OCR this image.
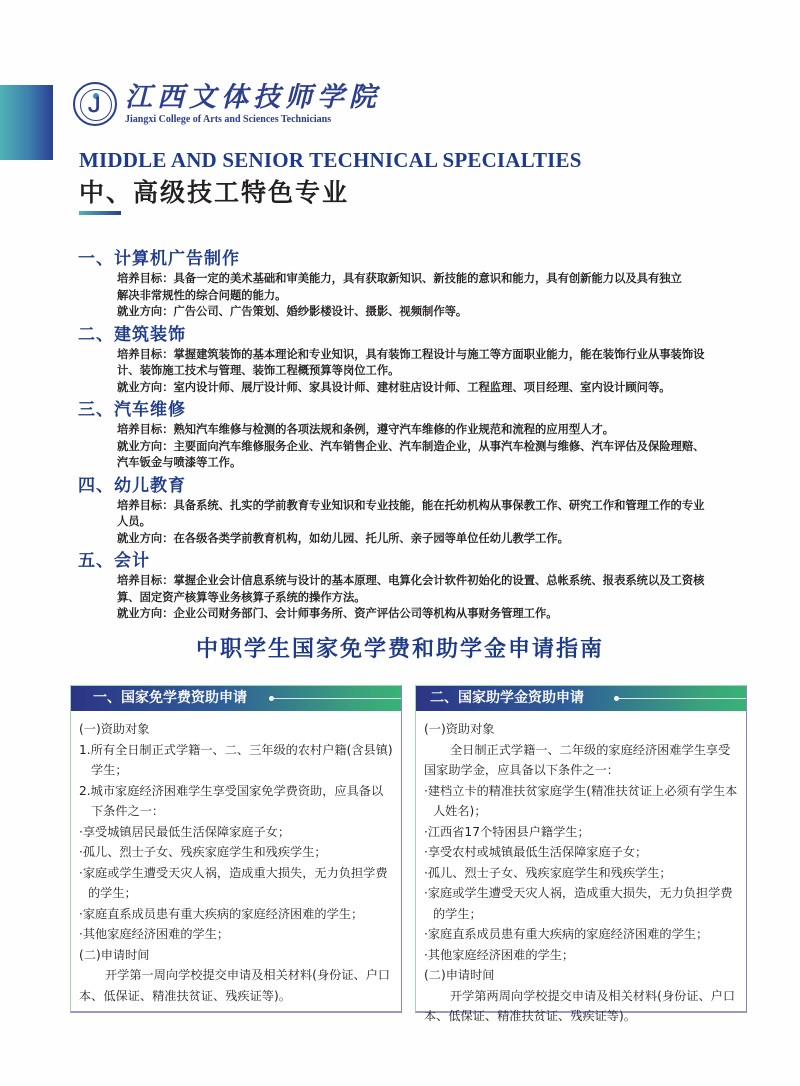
ᒍ 江西文体技师学院
Jiangxi College of Arts and Sciences Technicians
MIDDLE AND SENIOR TECHNICAL SPECIALTIES
中、高级技工特色专业
一、计算机广告制作
培养目标：具备一定的美术基础和审美能力，具有获取新知识、新技能的意识和能力，具有创新能力以及具有独立
解决非常规性的综合问题的能力。
就业方向：广告公司、广告策划、婚纱影楼设计、摄影、视频制作等。
二、建筑装饰
培养目标：掌握建筑装饰的基本理论和专业知识，具有装饰工程设计与施工等方面职业能力，能在装饰行业从事装饰设
计、装饰施工技术与管理、装饰工程概预算等岗位工作。
就业方向：室内设计师、展厅设计师、家具设计师、建材驻店设计师、工程监理、项目经理、室内设计顾问等。
三、汽车维修
培养目标：熟知汽车维修与检测的各项法规和条例，遵守汽车维修的作业规范和流程的应用型人才。
就业方向：主要面向汽车维修服务企业、汽车销售企业、汽车制造企业，从事汽车检测与维修、汽车评估及保险理赔、
汽车钣金与喷漆等工作。
四、幼儿教育
培养目标：具备系统、扎实的学前教育专业知识和专业技能，能在托幼机构从事保教工作、研究工作和管理工作的专业
人员。
就业方向：在各级各类学前教育机构，如幼儿园、托儿所、亲子园等单位任幼儿教学工作。
五、会计
培养目标：掌握企业会计信息系统与设计的基本原理、电算化会计软件初始化的设置、总帐系统、报表系统以及工资核
算、固定资产核算等业务核算子系统的操作方法。
就业方向：企业公司财务部门、会计师事务所、资产评估公司等机构从事财务管理工作。
中职学生国家免学费和助学金申请指南
一、国家免学费资助申请
(一)资助对象
1.所有全日制正式学籍一、二、三年级的农村户籍(含县镇)学生；
2.城市家庭经济困难学生享受国家免学费资助，应具备以下条件之一：
·享受城镇居民最低生活保障家庭子女；
·孤儿、烈士子女、残疾家庭学生和残疾学生；
·家庭或学生遭受天灾人祸，造成重大损失，无力负担学费的学生；
·家庭直系成员患有重大疾病的家庭经济困难的学生；
·其他家庭经济困难的学生；
(二)申请时间
开学第一周向学校提交申请及相关材料(身份证、户口本、低保证、精准扶贫证、残疾证等)。
二、国家助学金资助申请
(一)资助对象
全日制正式学籍一、二年级的家庭经济困难学生享受国家助学金，应具备以下条件之一：
·建档立卡的精准扶贫家庭学生(精准扶贫证上必须有学生本人姓名)；
·江西省17个特困县户籍学生；
·享受农村或城镇最低生活保障家庭子女；
·孤儿、烈士子女、残疾家庭学生和残疾学生；
·家庭或学生遭受天灾人祸，造成重大损失，无力负担学费的学生；
·家庭直系成员患有重大疾病的家庭经济困难的学生；
·其他家庭经济困难的学生；
(二)申请时间
开学第两周向学校提交申请及相关材料(身份证、户口本、低保证、精准扶贫证、残疾证等)。
